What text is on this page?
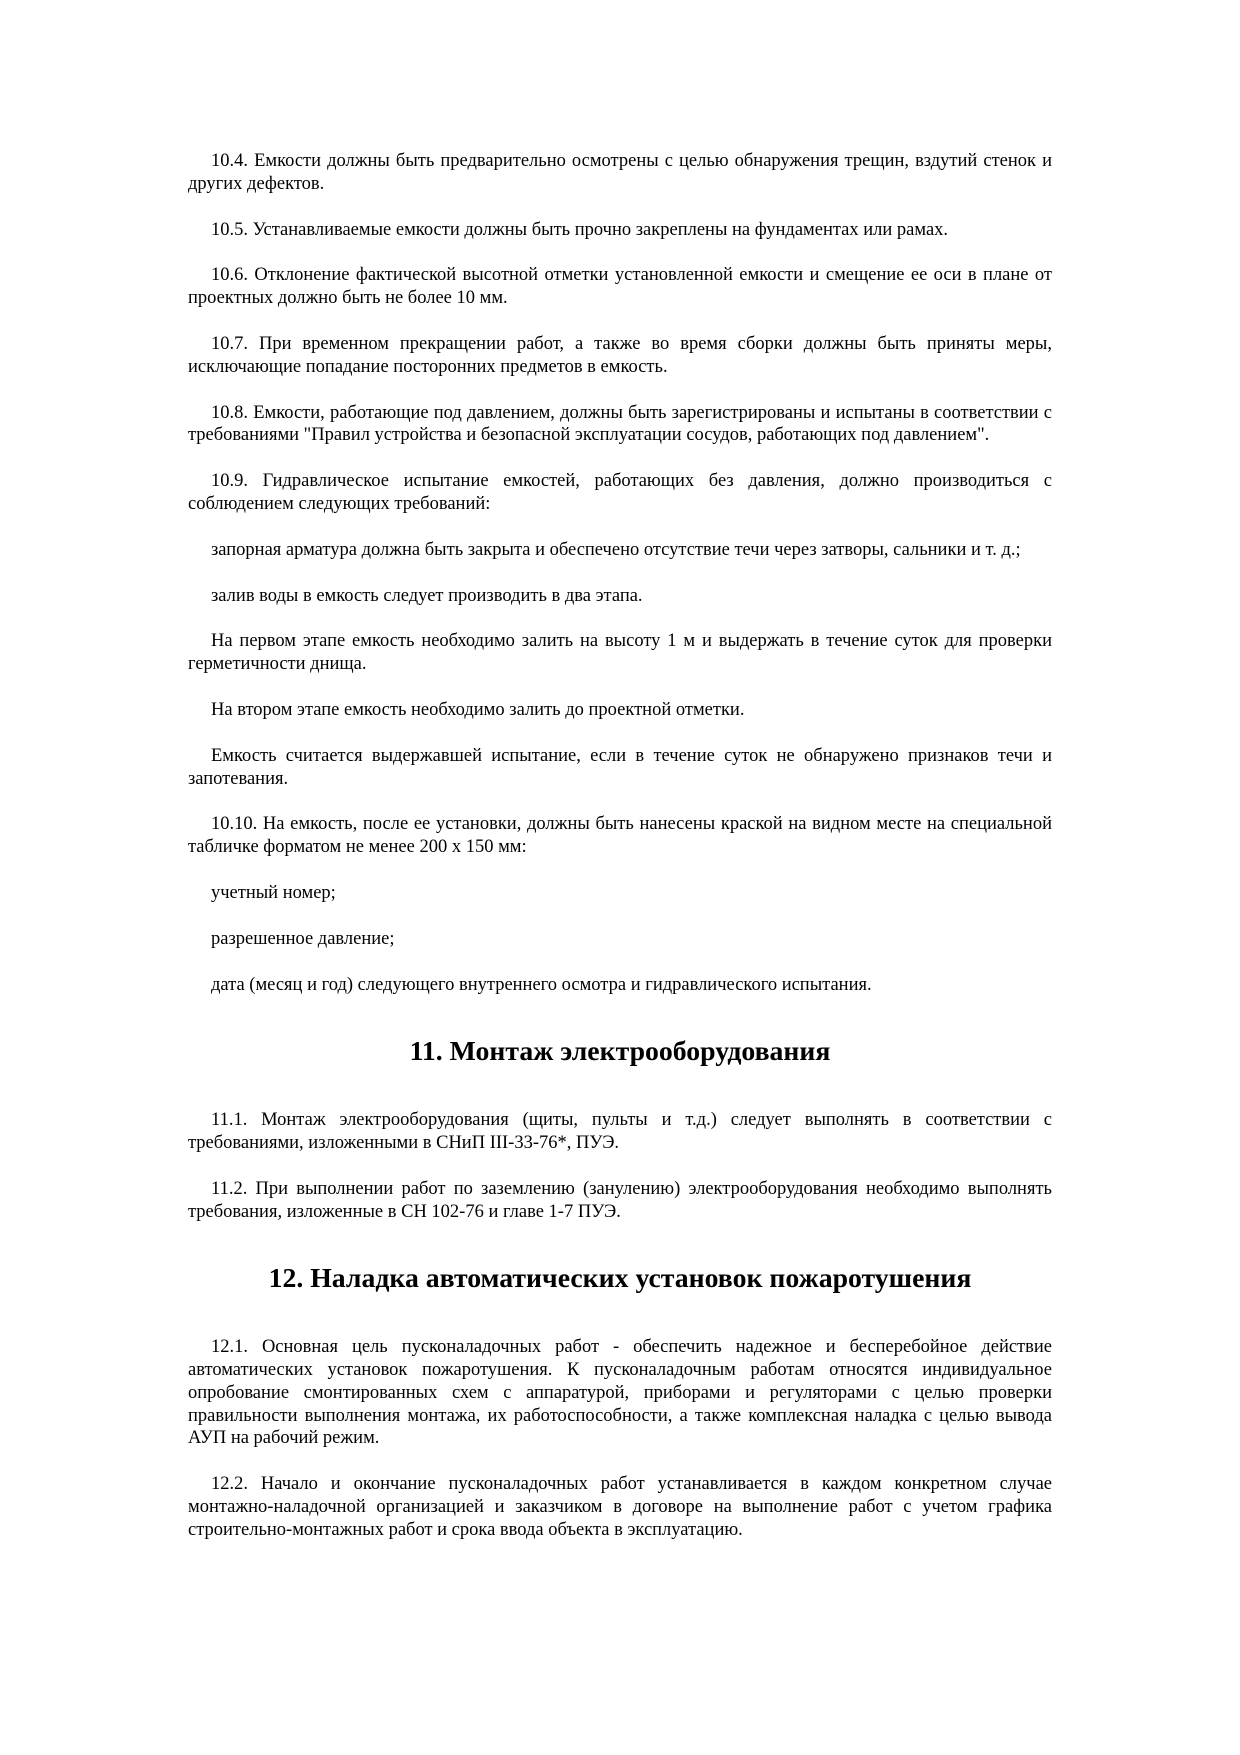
10.4. Емкости должны быть предварительно осмотрены с целью обнаружения трещин, вздутий стенок и других дефектов.

10.5. Устанавливаемые емкости должны быть прочно закреплены на фундаментах или рамах.

10.6. Отклонение фактической высотной отметки установленной емкости и смещение ее оси в плане от проектных должно быть не более 10 мм.

10.7. При временном прекращении работ, а также во время сборки должны быть приняты меры, исключающие попадание посторонних предметов в емкость.

10.8. Емкости, работающие под давлением, должны быть зарегистрированы и испытаны в соответствии с требованиями "Правил устройства и безопасной эксплуатации сосудов, работающих под давлением".

10.9. Гидравлическое испытание емкостей, работающих без давления, должно производиться с соблюдением следующих требований:

запорная арматура должна быть закрыта и обеспечено отсутствие течи через затворы, сальники и т. д.;

залив воды в емкость следует производить в два этапа.

На первом этапе емкость необходимо залить на высоту 1 м и выдержать в течение суток для проверки герметичности днища.

На втором этапе емкость необходимо залить до проектной отметки.

Емкость считается выдержавшей испытание, если в течение суток не обнаружено признаков течи и запотевания.

10.10. На емкость, после ее установки, должны быть нанесены краской на видном месте на специальной табличке форматом не менее 200 х 150 мм:

учетный номер;

разрешенное давление;

дата (месяц и год) следующего внутреннего осмотра и гидравлического испытания.

11. Монтаж электрооборудования

11.1. Монтаж электрооборудования (щиты, пульты и т.д.) следует выполнять в соответствии с требованиями, изложенными в СНиП III-33-76*, ПУЭ.

11.2. При выполнении работ по заземлению (занулению) электрооборудования необходимо выполнять требования, изложенные в СН 102-76 и главе 1-7 ПУЭ.

12. Наладка автоматических установок пожаротушения

12.1. Основная цель пусконаладочных работ - обеспечить надежное и бесперебойное действие автоматических установок пожаротушения. К пусконаладочным работам относятся индивидуальное опробование смонтированных схем с аппаратурой, приборами и регуляторами с целью проверки правильности выполнения монтажа, их работоспособности, а также комплексная наладка с целью вывода АУП на рабочий режим.

12.2. Начало и окончание пусконаладочных работ устанавливается в каждом конкретном случае монтажно-наладочной организацией и заказчиком в договоре на выполнение работ с учетом графика строительно-монтажных работ и срока ввода объекта в эксплуатацию.
